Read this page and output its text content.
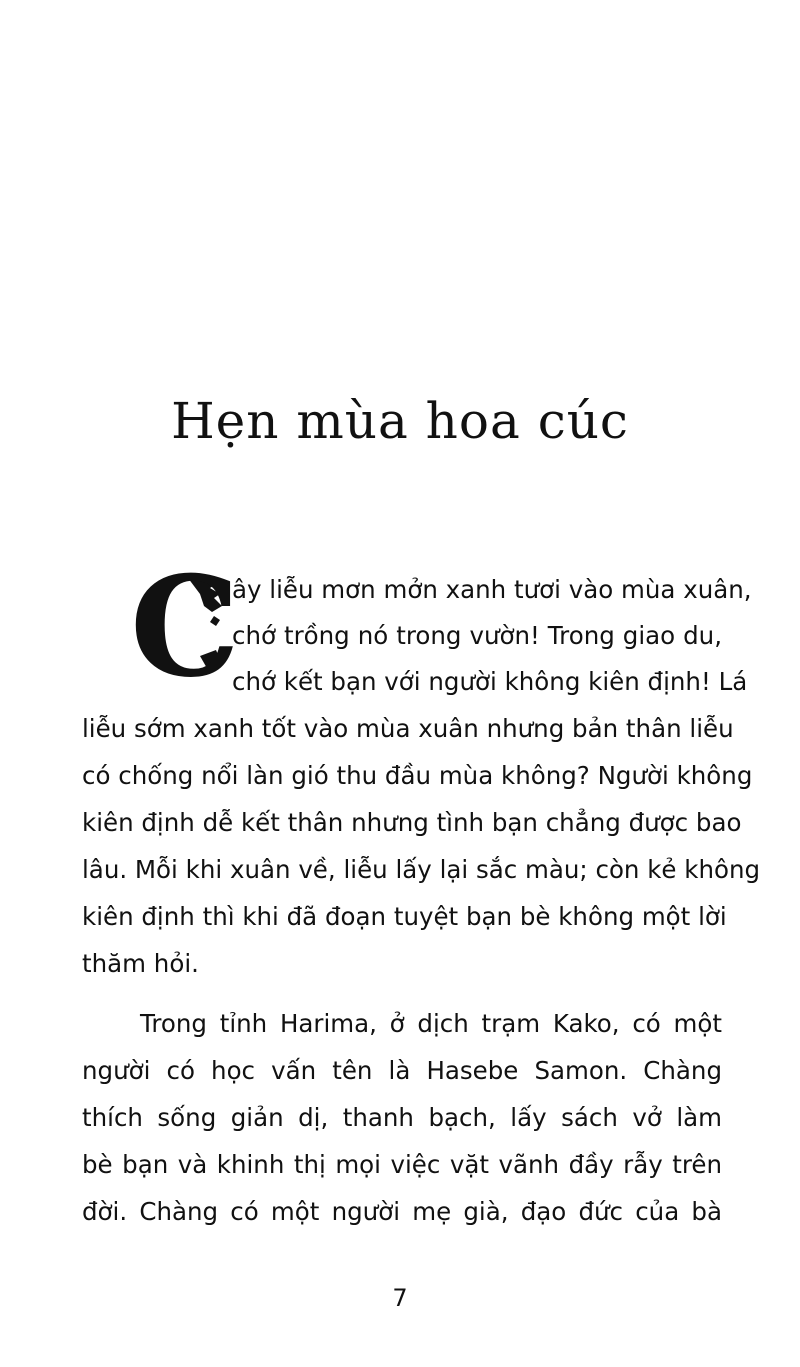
Hẹn mùa hoa cúc
C

ây liễu mơn mởn xanh tươi vào mùa xuân,

chớ trồng nó trong vườn! Trong giao du,

chớ kết bạn với người không kiên định! Lá

liễu sớm xanh tốt vào mùa xuân nhưng bản thân liễu

có chống nổi làn gió thu đầu mùa không? Người không

kiên định dễ kết thân nhưng tình bạn chẳng được bao

lâu. Mỗi khi xuân về, liễu lấy lại sắc màu; còn kẻ không

kiên định thì khi đã đoạn tuyệt bạn bè không một lời

thăm hỏi.

Trong tỉnh Harima, ở dịch trạm Kako, có một

người có học vấn tên là Hasebe Samon. Chàng

thích sống giản dị, thanh bạch, lấy sách vở làm

bè bạn và khinh thị mọi việc vặt vãnh đầy rẫy trên

đời. Chàng có một người mẹ già, đạo đức của bà

7
